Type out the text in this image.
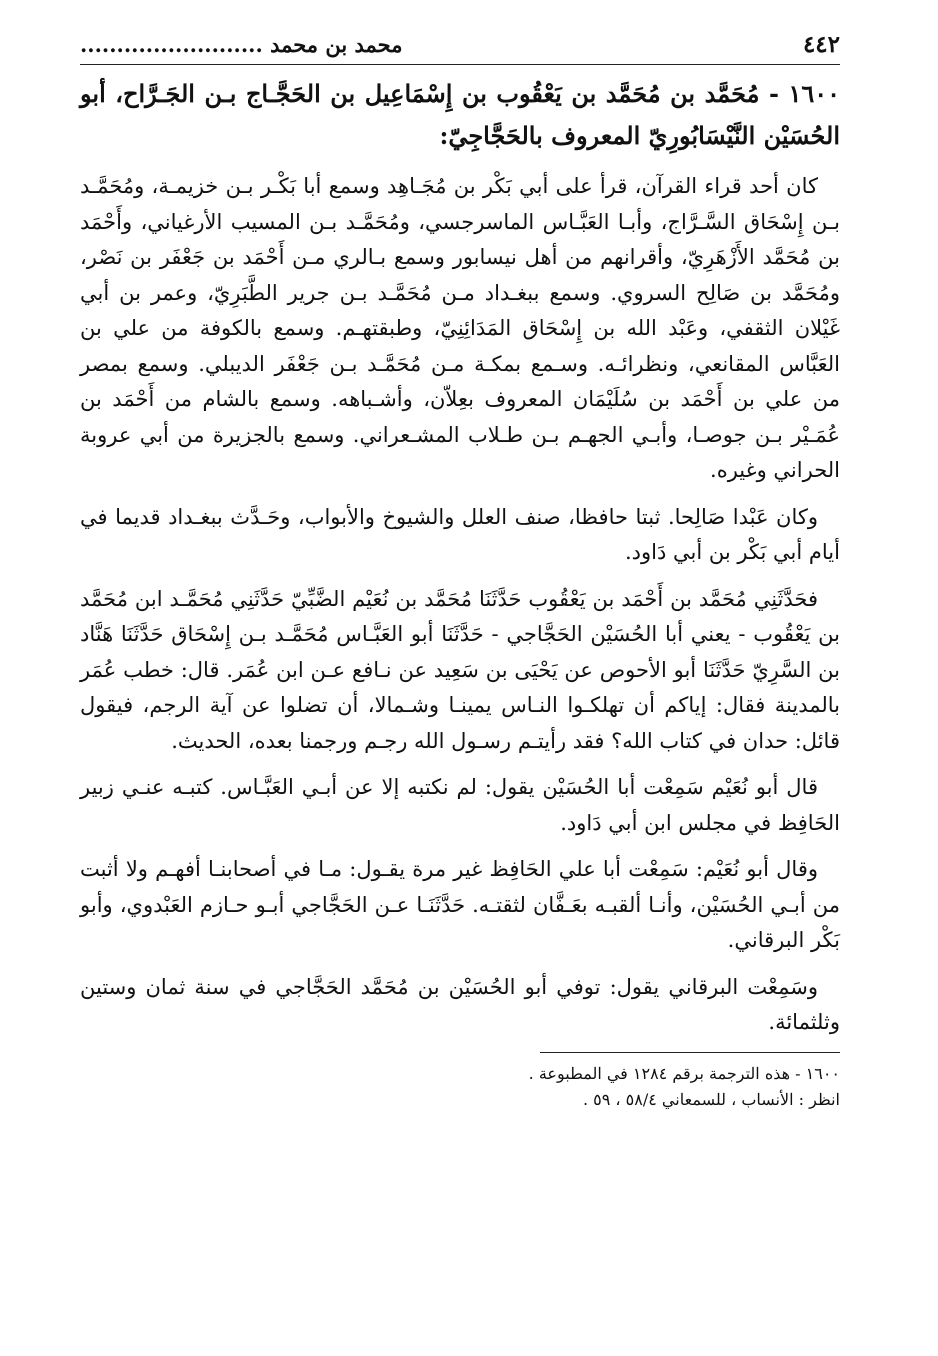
٤٤٢
محمد بن محمد .........................

١٦٠٠ - مُحَمَّد بن مُحَمَّد بن يَعْقُوب بن إِسْمَاعِيل بن الحَجَّـاج بـن الجَـرَّاح، أبو الحُسَيْن النَّيْسَابُورِيّ المعروف بالحَجَّاجِيّ:

كان أحد قراء القرآن، قرأ على أبي بَكْر بن مُجَـاهِد وسمع أبا بَكْـر بـن خزيمـة، ومُحَمَّـد بـن إِسْحَاق السَّـرَّاج، وأبـا العَبَّـاس الماسرجسي، ومُحَمَّـد بـن المسيب الأرغياني، وأَحْمَد بن مُحَمَّد الأَزْهَرِيّ، وأقرانهم من أهل نيسابور وسمع بـالري مـن أَحْمَد بن جَعْفَر بن نَصْر، ومُحَمَّد بن صَالِح السروي. وسمع ببغـداد مـن مُحَمَّـد بـن جرير الطَّبَرِيّ، وعمر بن أبي غَيْلان الثقفي، وعَبْد الله بن إِسْحَاق المَدَائِنِيّ، وطبقتهـم. وسمع بالكوفة من علي بن العَبَّاس المقانعي، ونظرائـه. وسـمع بمكـة مـن مُحَمَّـد بـن جَعْفَر الديبلي. وسمع بمصر من علي بن أَحْمَد بن سُلَيْمَان المعروف بعِلاّن، وأشـباهه. وسمع بالشام من أَحْمَد بن عُمَـيْر بـن جوصـا، وأبـي الجهـم بـن طـلاب المشـعراني. وسمع بالجزيرة من أبي عروبة الحراني وغيره.

وكان عَبْدا صَالِحا. ثبتا حافظا، صنف العلل والشيوخ والأبواب، وحَـدَّث ببغـداد قديما في أيام أبي بَكْر بن أبي دَاود.

فحَدَّثَنِي مُحَمَّد بن أَحْمَد بن يَعْقُوب حَدَّثَنَا مُحَمَّد بن نُعَيْم الضَّبِّيّ حَدَّثَنِي مُحَمَّـد ابن مُحَمَّد بن يَعْقُوب - يعني أبا الحُسَيْن الحَجَّاجي - حَدَّثَنَا أبو العَبَّـاس مُحَمَّـد بـن إِسْحَاق حَدَّثَنَا هَنَّاد بن السَّرِيّ حَدَّثَنَا أبو الأحوص عن يَحْيَى بن سَعِيد عن نـافع عـن ابن عُمَر. قال: خطب عُمَر بالمدينة فقال: إياكم أن تهلكـوا النـاس يمينـا وشـمالا، أن تضلوا عن آية الرجم، فيقول قائل: حدان في كتاب الله؟ فقد رأيتـم رسـول الله رجـم ورجمنا بعده، الحديث.

قال أبو نُعَيْم سَمِعْت أبا الحُسَيْن يقول: لم نكتبه إلا عن أبـي العَبَّـاس. كتبـه عنـي زبير الحَافِظ في مجلس ابن أبي دَاود.

وقال أبو نُعَيْم: سَمِعْت أبا علي الحَافِظ غير مرة يقـول: مـا في أصحابنـا أفهـم ولا أثبت من أبـي الحُسَيْن، وأنـا ألقبـه بعَـفَّان لثقتـه. حَدَّثَنَـا عـن الحَجَّاجي أبـو حـازم العَبْدوي، وأبو بَكْر البرقاني.

وسَمِعْت البرقاني يقول: توفي أبو الحُسَيْن بن مُحَمَّد الحَجَّاجي في سنة ثمان وستين وثلثمائة.

١٦٠٠ - هذه الترجمة برقم ١٢٨٤ في المطبوعة .

انظر : الأنساب ، للسمعاني ٥٨/٤ ، ٥٩ .
